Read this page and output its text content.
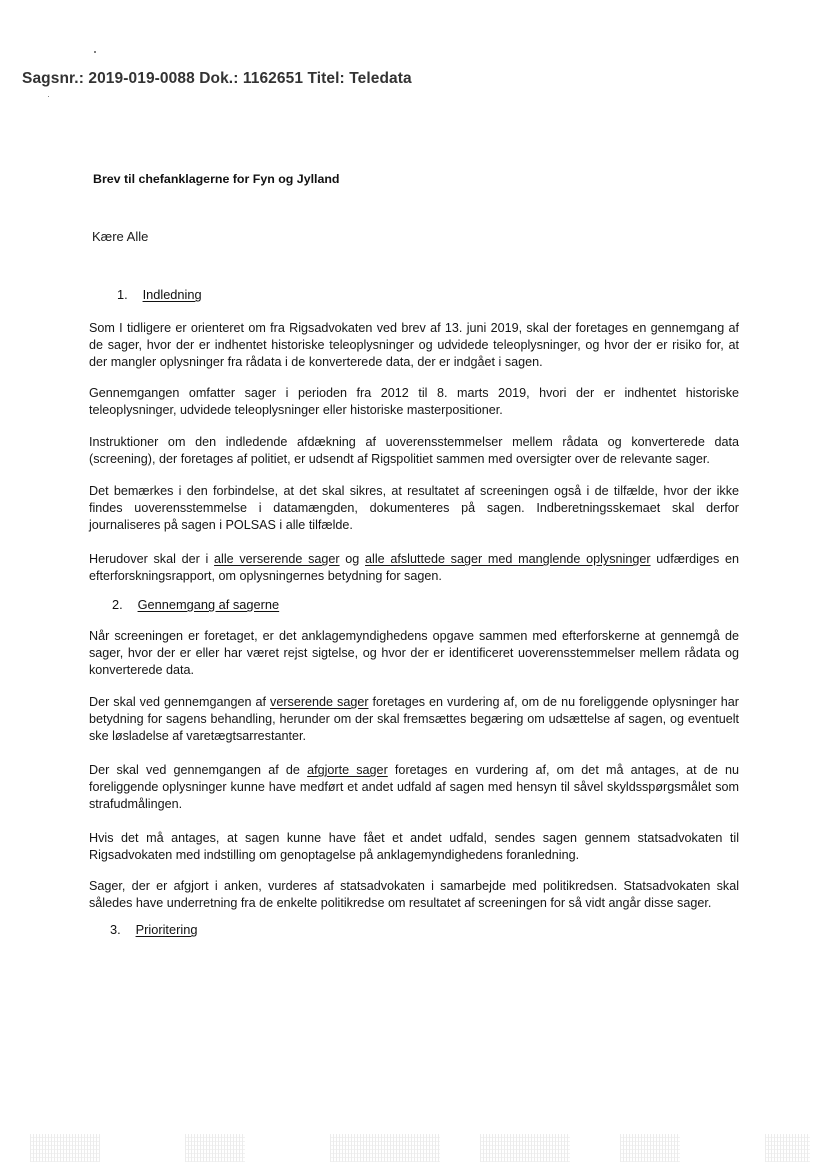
Sagsnr.: 2019-019-0088 Dok.: 1162651 Titel: Teledata
Brev til chefanklagerne for Fyn og Jylland
Kære Alle
1. Indledning
Som I tidligere er orienteret om fra Rigsadvokaten ved brev af 13. juni 2019, skal der foretages en gennemgang af de sager, hvor der er indhentet historiske teleoplysninger og udvidede teleoplysninger, og hvor der er risiko for, at der mangler oplysninger fra rådata i de konverterede data, der er indgået i sagen.
Gennemgangen omfatter sager i perioden fra 2012 til 8. marts 2019, hvori der er indhentet historiske teleoplysninger, udvidede teleoplysninger eller historiske masterpositioner.
Instruktioner om den indledende afdækning af uoverensstemmelser mellem rådata og konverterede data (screening), der foretages af politiet, er udsendt af Rigspolitiet sammen med oversigter over de relevante sager.
Det bemærkes i den forbindelse, at det skal sikres, at resultatet af screeningen også i de tilfælde, hvor der ikke findes uoverensstemmelse i datamængden, dokumenteres på sagen. Indberetningsskemaet skal derfor journaliseres på sagen i POLSAS i alle tilfælde.
Herudover skal der i alle verserende sager og alle afsluttede sager med manglende oplysninger udfærdiges en efterforskningsrapport, om oplysningernes betydning for sagen.
2. Gennemgang af sagerne
Når screeningen er foretaget, er det anklagemyndighedens opgave sammen med efterforskerne at gennemgå de sager, hvor der er eller har været rejst sigtelse, og hvor der er identificeret uoverensstemmelser mellem rådata og konverterede data.
Der skal ved gennemgangen af verserende sager foretages en vurdering af, om de nu foreliggende oplysninger har betydning for sagens behandling, herunder om der skal fremsættes begæring om udsættelse af sagen, og eventuelt ske løsladelse af varetægtsarrestanter.
Der skal ved gennemgangen af de afgjorte sager foretages en vurdering af, om det må antages, at de nu foreliggende oplysninger kunne have medført et andet udfald af sagen med hensyn til såvel skyldsspørgsmålet som strafudmålingen.
Hvis det må antages, at sagen kunne have fået et andet udfald, sendes sagen gennem statsadvokaten til Rigsadvokaten med indstilling om genoptagelse på anklagemyndighedens foranledning.
Sager, der er afgjort i anken, vurderes af statsadvokaten i samarbejde med politikredsen. Statsadvokaten skal således have underretning fra de enkelte politikredse om resultatet af screeningen for så vidt angår disse sager.
3. Prioritering
